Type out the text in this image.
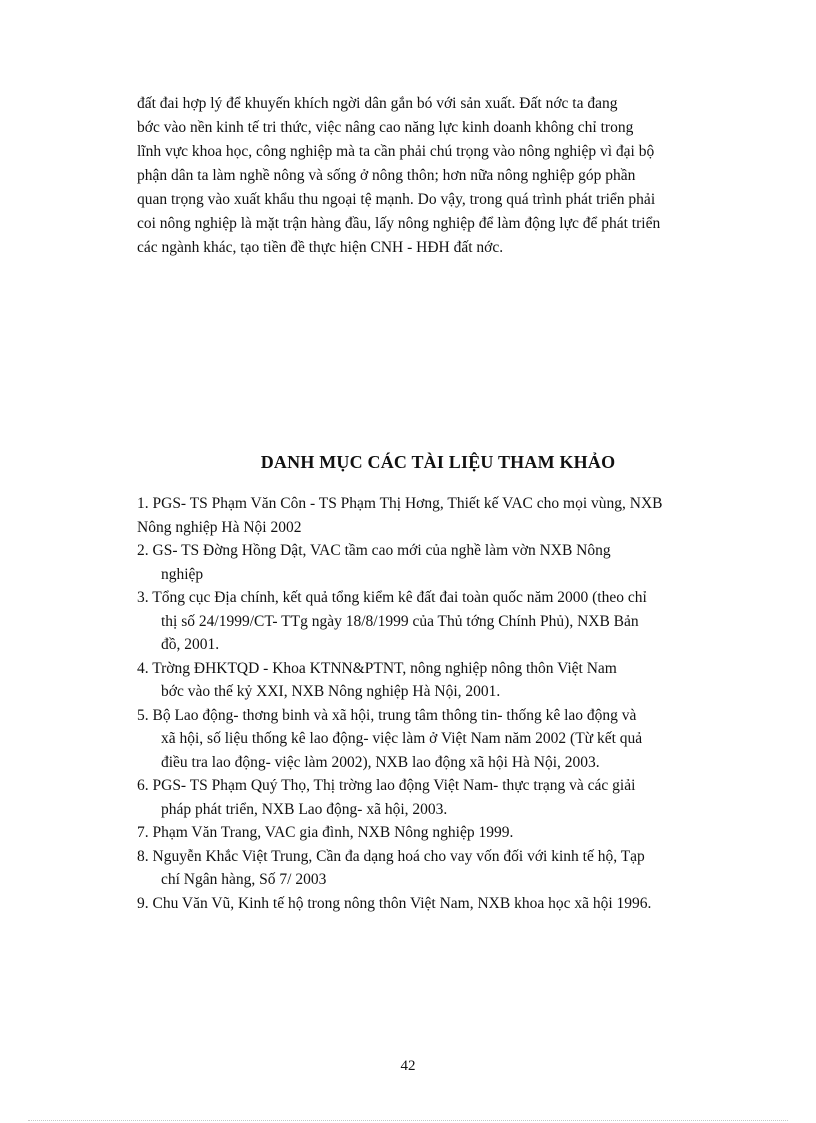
đất đai hợp lý để khuyến khích ngời dân gắn bó với sản xuất. Đất nớc ta đang
bớc vào nền kinh tế tri thức, việc nâng cao năng lực kinh doanh không chỉ trong
lĩnh vực khoa học, công nghiệp mà ta cần phải chú trọng vào nông nghiệp vì đại bộ
phận dân ta làm nghề nông và sống ở nông thôn; hơn nữa nông nghiệp góp phần
quan trọng vào xuất khẩu thu ngoại tệ mạnh. Do vậy, trong quá trình phát triển phải
coi nông nghiệp là mặt trận hàng đầu, lấy nông nghiệp để làm động lực để phát triển
các ngành khác, tạo tiền đề thực hiện CNH - HĐH đất nớc.
DANH MỤC CÁC TÀI LIỆU THAM KHẢO
1. PGS- TS Phạm Văn Côn - TS Phạm Thị Hơng, Thiết kế VAC cho mọi vùng, NXB
Nông nghiệp Hà Nội 2002
2. GS- TS Đờng Hồng Dật, VAC tầm cao mới của nghề làm vờn NXB Nông
nghiệp
3. Tổng cục Địa chính, kết quả tổng kiểm kê đất đai toàn quốc năm 2000 (theo chỉ
thị số 24/1999/CT- TTg ngày 18/8/1999 của Thủ tớng Chính Phủ), NXB Bản
đồ, 2001.
4. Trờng ĐHKTQD - Khoa KTNN&PTNT, nông nghiệp nông thôn Việt Nam
bớc vào thế kỷ XXI, NXB Nông nghiệp Hà Nội, 2001.
5. Bộ Lao động- thơng binh và xã hội, trung tâm thông tin- thống kê lao động và
xã hội, số liệu thống kê lao động- việc làm ở Việt Nam năm 2002 (Từ kết quả
điều tra lao động- việc làm 2002), NXB lao động xã hội Hà Nội, 2003.
6. PGS- TS Phạm Quý Thọ, Thị trờng lao động Việt Nam- thực trạng và các giải
pháp phát triển, NXB Lao động- xã hội, 2003.
7. Phạm Văn Trang, VAC gia đình, NXB Nông nghiệp 1999.
8. Nguyễn Khắc Việt Trung, Cần đa dạng hoá cho vay vốn đối với kinh tế hộ, Tạp
chí Ngân hàng, Số 7/ 2003
9. Chu Văn Vũ, Kinh tế hộ trong nông thôn Việt Nam, NXB khoa học xã hội 1996.
42
